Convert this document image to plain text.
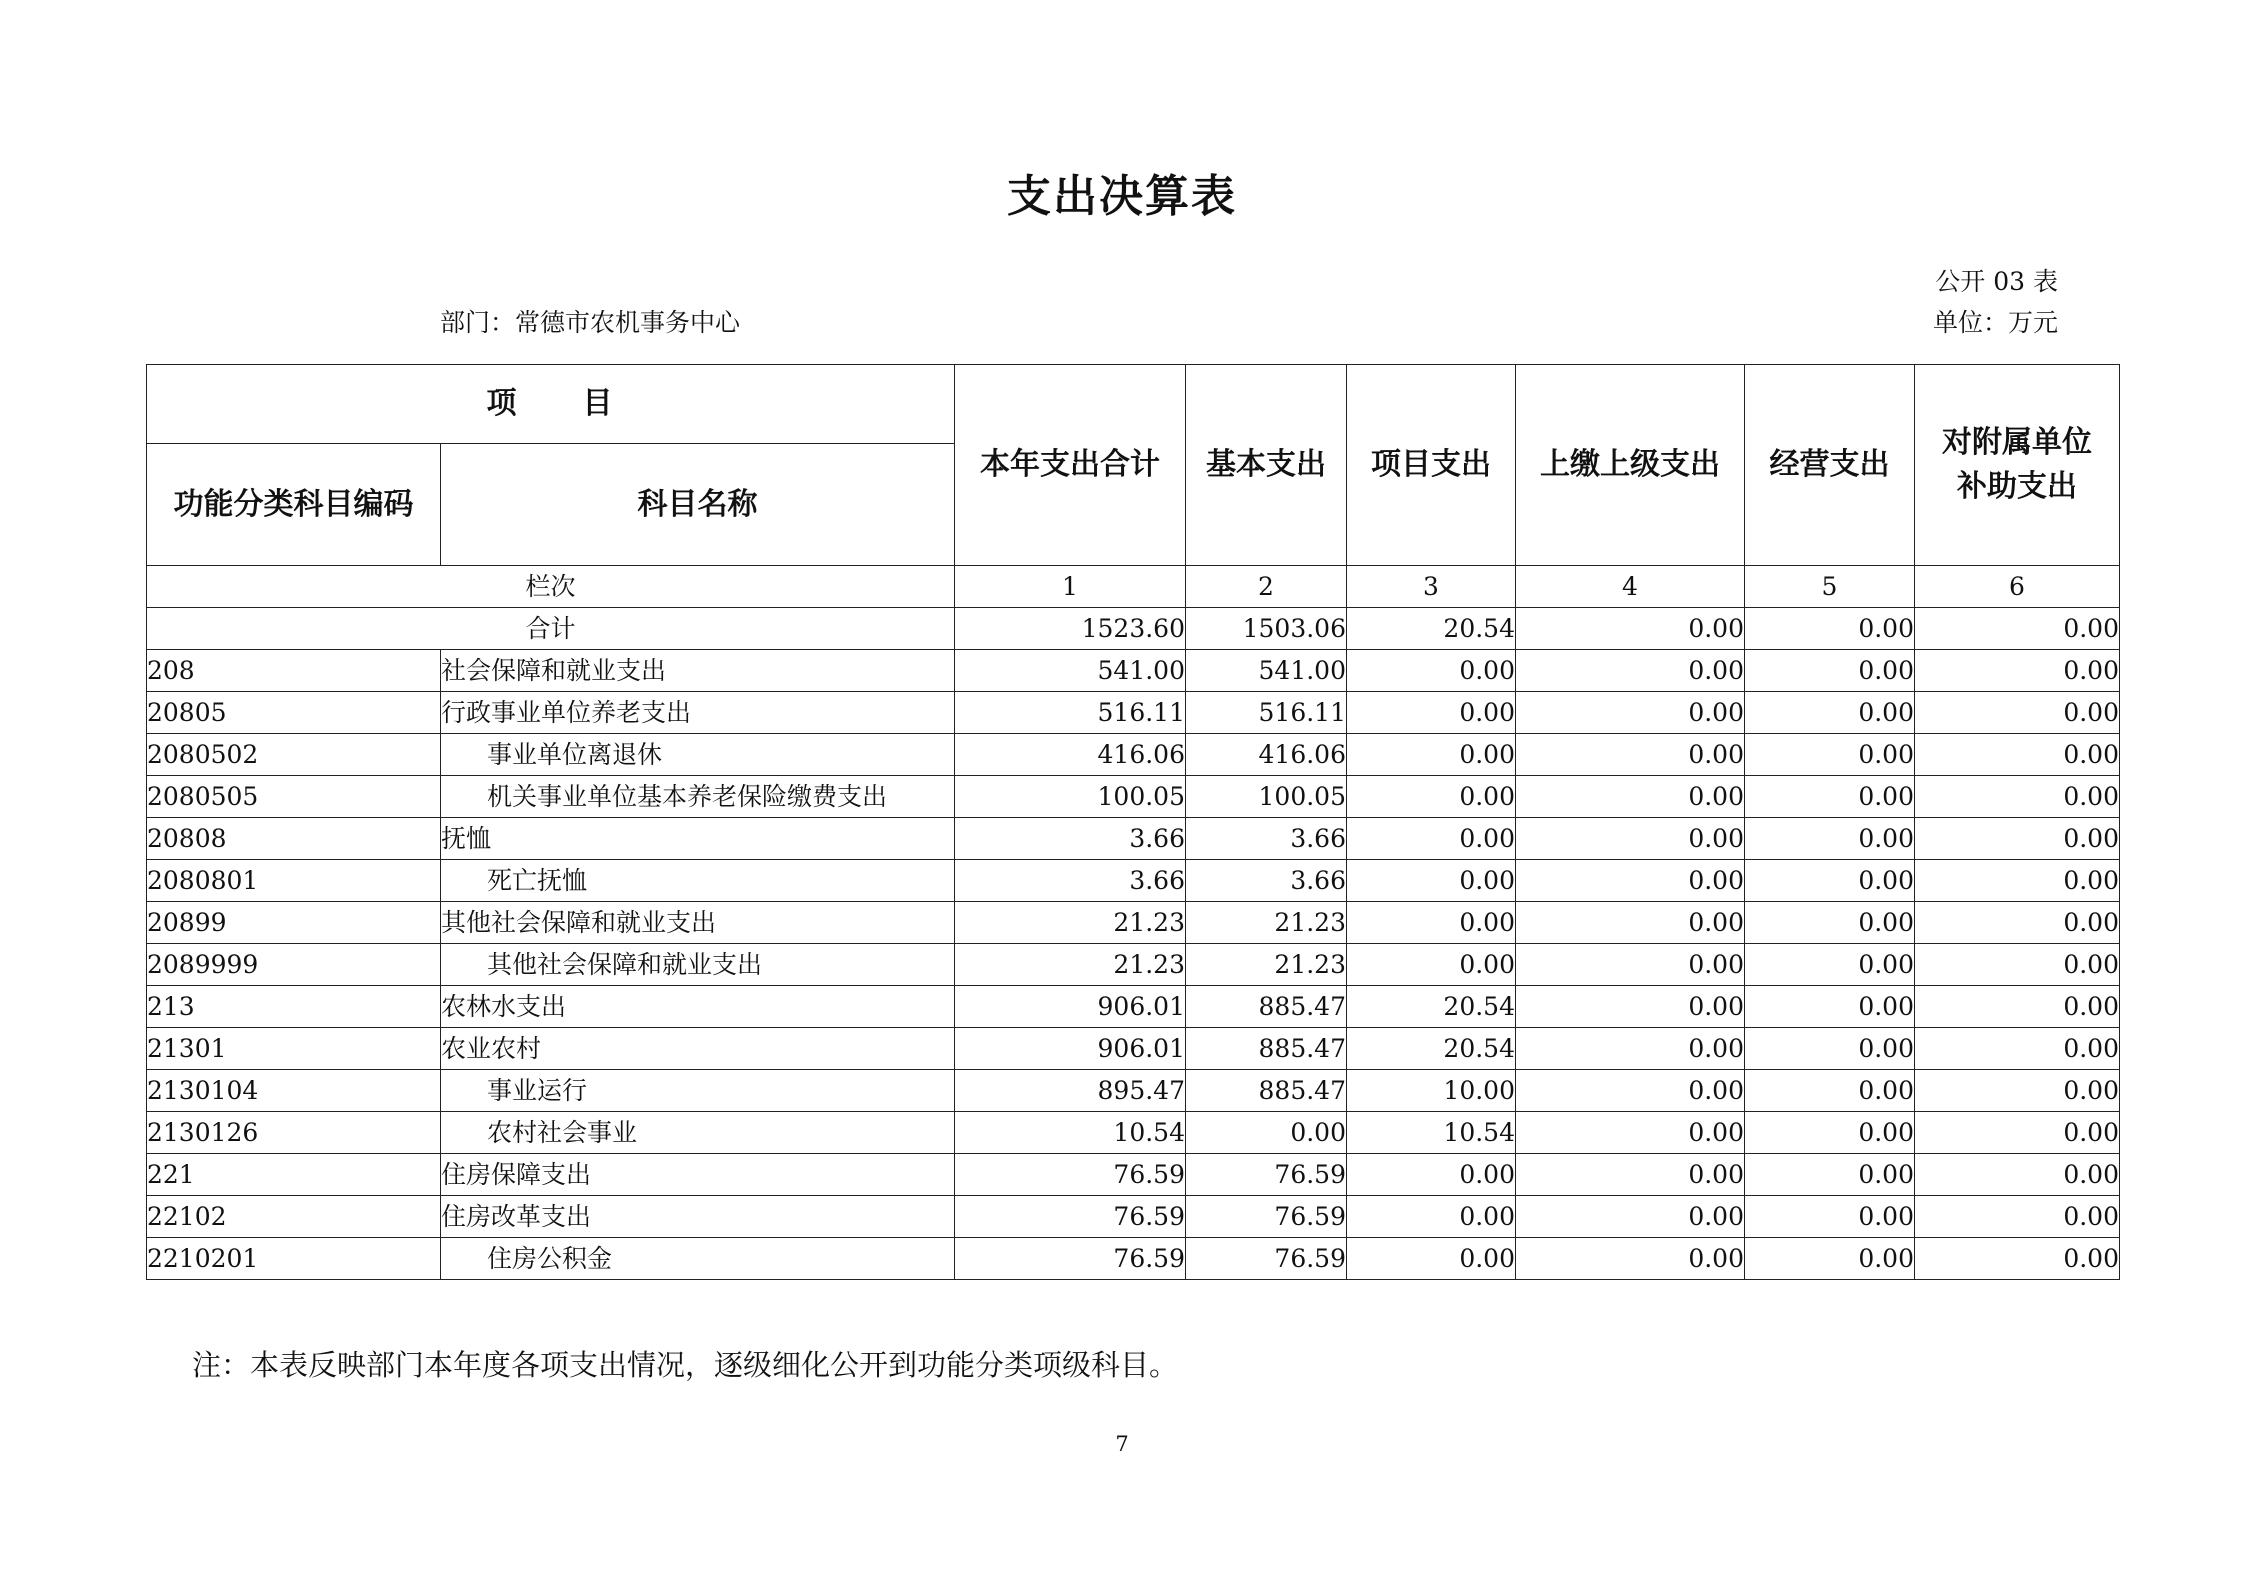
支出决算表
公开 03 表
部门：常德市农机事务中心	单位：万元
项　　目		本年支出合计	基本支出	项目支出	上缴上级支出	经营支出	对附属单位补助支出
功能分类科目编码	科目名称						
栏次		1	2	3	4	5	6
合计		1523.60	1503.06	20.54	0.00	0.00	0.00
208	社会保障和就业支出	541.00	541.00	0.00	0.00	0.00	0.00
20805	行政事业单位养老支出	516.11	516.11	0.00	0.00	0.00	0.00
2080502	事业单位离退休	416.06	416.06	0.00	0.00	0.00	0.00
2080505	机关事业单位基本养老保险缴费支出	100.05	100.05	0.00	0.00	0.00	0.00
20808	抚恤	3.66	3.66	0.00	0.00	0.00	0.00
2080801	死亡抚恤	3.66	3.66	0.00	0.00	0.00	0.00
20899	其他社会保障和就业支出	21.23	21.23	0.00	0.00	0.00	0.00
2089999	其他社会保障和就业支出	21.23	21.23	0.00	0.00	0.00	0.00
213	农林水支出	906.01	885.47	20.54	0.00	0.00	0.00
21301	农业农村	906.01	885.47	20.54	0.00	0.00	0.00
2130104	事业运行	895.47	885.47	10.00	0.00	0.00	0.00
2130126	农村社会事业	10.54	0.00	10.54	0.00	0.00	0.00
221	住房保障支出	76.59	76.59	0.00	0.00	0.00	0.00
22102	住房改革支出	76.59	76.59	0.00	0.00	0.00	0.00
2210201	住房公积金	76.59	76.59	0.00	0.00	0.00	0.00
注：本表反映部门本年度各项支出情况，逐级细化公开到功能分类项级科目。
7
